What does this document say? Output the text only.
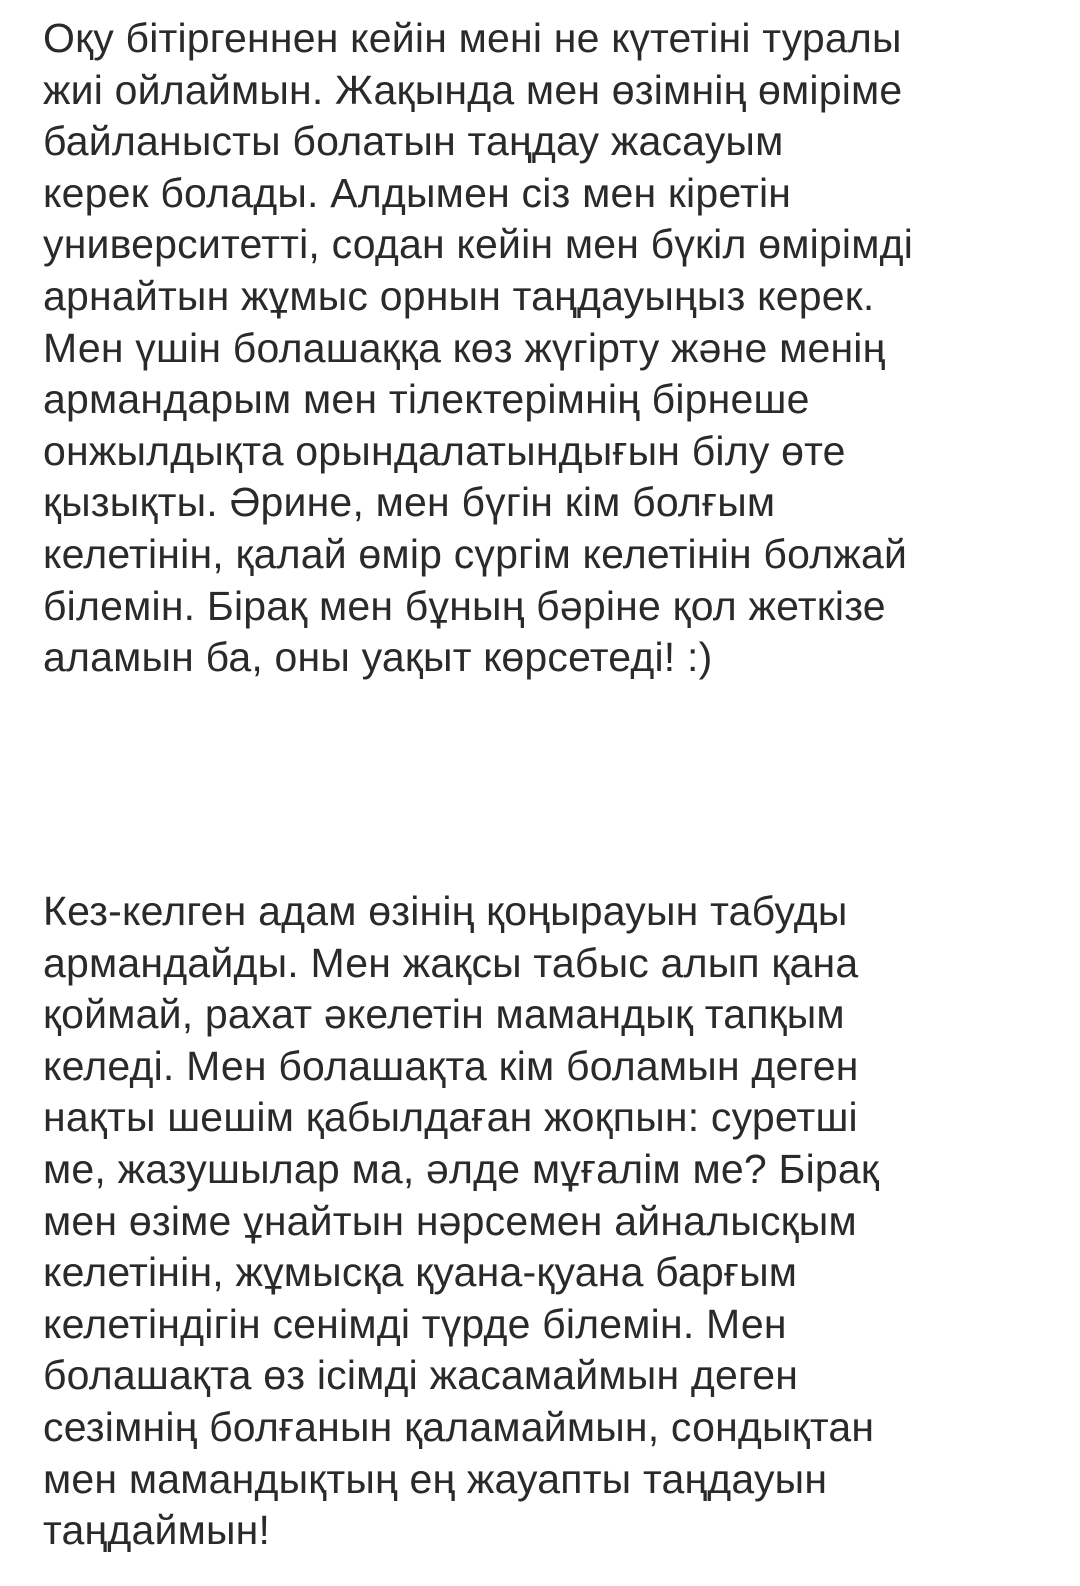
Оқу бітіргеннен кейін мені не күтетіні туралы
жиі ойлаймын. Жақында мен өзімнің өміріме
байланысты болатын таңдау жасауым
керек болады. Алдымен сіз мен кіретін
университетті, содан кейін мен бүкіл өмірімді
арнайтын жұмыс орнын таңдауыңыз керек.
Мен үшін болашаққа көз жүгірту және менің
армандарым мен тілектерімнің бірнеше
онжылдықта орындалатындығын білу өте
қызықты. Әрине, мен бүгін кім болғым
келетінін, қалай өмір сүргім келетінін болжай
білемін. Бірақ мен бұның бәріне қол жеткізе
аламын ба, оны уақыт көрсетеді! :)

Кез-келген адам өзінің қоңырауын табуды
армандайды. Мен жақсы табыс алып қана
қоймай, рахат әкелетін мамандық тапқым
келеді. Мен болашақта кім боламын деген
нақты шешім қабылдаған жоқпын: суретші
ме, жазушылар ма, әлде мұғалім ме? Бірақ
мен өзіме ұнайтын нәрсемен айналысқым
келетінін, жұмысқа қуана-қуана барғым
келетіндігін сенімді түрде білемін. Мен
болашақта өз ісімді жасамаймын деген
сезімнің болғанын қаламаймын, сондықтан
мен мамандықтың ең жауапты таңдауын
таңдаймын!
